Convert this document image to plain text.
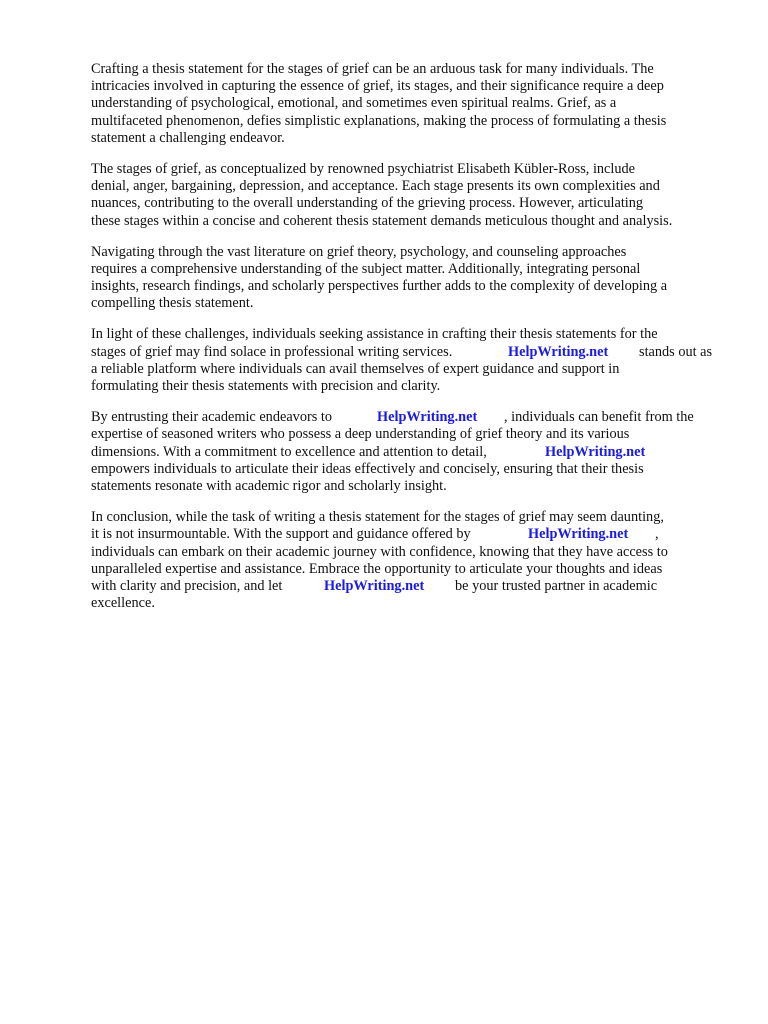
Crafting a thesis statement for the stages of grief can be an arduous task for many individuals. The
intricacies involved in capturing the essence of grief, its stages, and their significance require a deep
understanding of psychological, emotional, and sometimes even spiritual realms. Grief, as a
multifaceted phenomenon, defies simplistic explanations, making the process of formulating a thesis
statement a challenging endeavor.
The stages of grief, as conceptualized by renowned psychiatrist Elisabeth Kübler-Ross, include
denial, anger, bargaining, depression, and acceptance. Each stage presents its own complexities and
nuances, contributing to the overall understanding of the grieving process. However, articulating
these stages within a concise and coherent thesis statement demands meticulous thought and analysis.
Navigating through the vast literature on grief theory, psychology, and counseling approaches
requires a comprehensive understanding of the subject matter. Additionally, integrating personal
insights, research findings, and scholarly perspectives further adds to the complexity of developing a
compelling thesis statement.
In light of these challenges, individuals seeking assistance in crafting their thesis statements for the
stages of grief may find solace in professional writing services.	HelpWriting.net stands out as
a reliable platform where individuals can avail themselves of expert guidance and support in
formulating their thesis statements with precision and clarity.
By entrusting their academic endeavors to	HelpWriting.net , individuals can benefit from the
expertise of seasoned writers who possess a deep understanding of grief theory and its various
dimensions. With a commitment to excellence and attention to detail,	HelpWriting.net
empowers individuals to articulate their ideas effectively and concisely, ensuring that their thesis
statements resonate with academic rigor and scholarly insight.
In conclusion, while the task of writing a thesis statement for the stages of grief may seem daunting,
it is not insurmountable. With the support and guidance offered by	HelpWriting.net ,
individuals can embark on their academic journey with confidence, knowing that they have access to
unparalleled expertise and assistance. Embrace the opportunity to articulate your thoughts and ideas
with clarity and precision, and let	HelpWriting.net be your trusted partner in academic
excellence.
